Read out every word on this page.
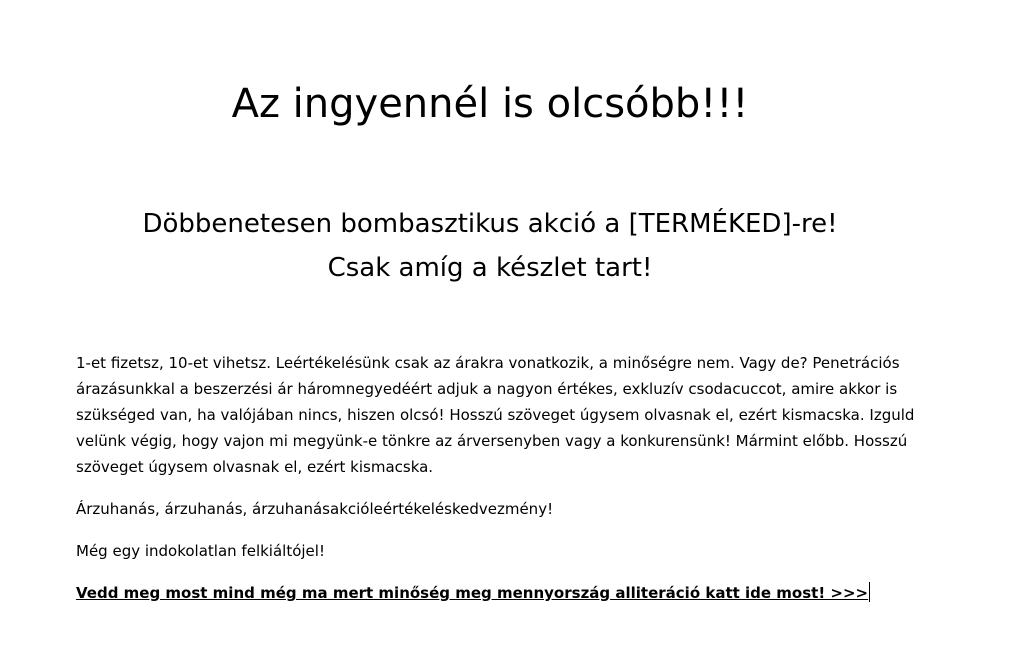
Az ingyennél is olcsóbb!!!
Döbbenetesen bombasztikus akció a [TERMÉKED]-re!
Csak amíg a készlet tart!

1-et fizetsz, 10-et vihetsz. Leértékelésünk csak az árakra vonatkozik, a minőségre nem. Vagy de? Penetrációs árazásunkkal a beszerzési ár háromnegyedéért adjuk a nagyon értékes, exkluzív csodacuccot, amire akkor is szükséged van, ha valójában nincs, hiszen olcsó! Hosszú szöveget úgysem olvasnak el, ezért kismacska. Izguld velünk végig, hogy vajon mi megyünk-e tönkre az árversenyben vagy a konkurensünk! Mármint előbb. Hosszú szöveget úgysem olvasnak el, ezért kismacska.

Árzuhanás, árzuhanás, árzuhanásakcióleértékeléskedvezmény!

Még egy indokolatlan felkiáltójel!

Vedd meg most mind még ma mert minőség meg mennyország alliteráció katt ide most! >>>
